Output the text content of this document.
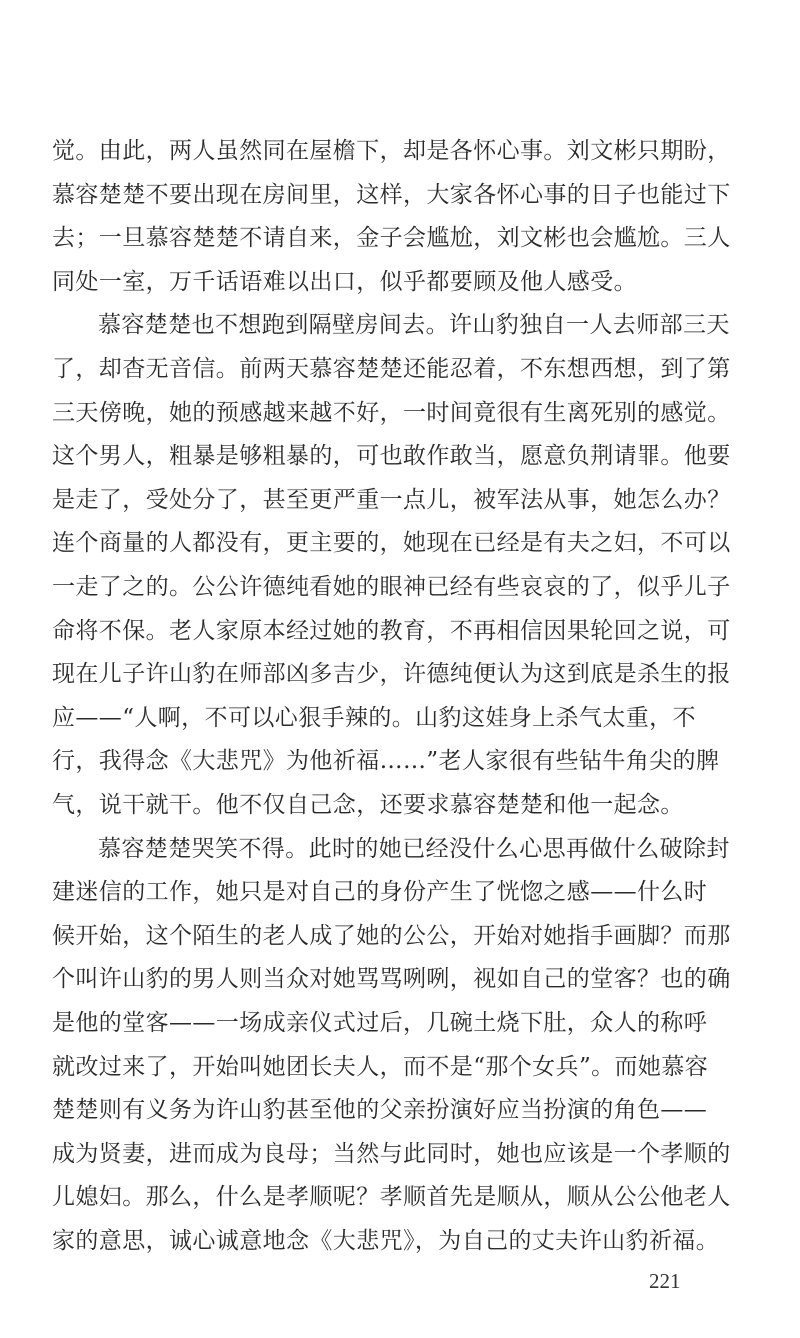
觉。由此，两人虽然同在屋檐下，却是各怀心事。刘文彬只期盼，
慕容楚楚不要出现在房间里，这样，大家各怀心事的日子也能过下
去；一旦慕容楚楚不请自来，金子会尴尬，刘文彬也会尴尬。三人
同处一室，万千话语难以出口，似乎都要顾及他人感受。
慕容楚楚也不想跑到隔壁房间去。许山豹独自一人去师部三天
了，却杳无音信。前两天慕容楚楚还能忍着，不东想西想，到了第
三天傍晚，她的预感越来越不好，一时间竟很有生离死别的感觉。
这个男人，粗暴是够粗暴的，可也敢作敢当，愿意负荆请罪。他要
是走了，受处分了，甚至更严重一点儿，被军法从事，她怎么办？
连个商量的人都没有，更主要的，她现在已经是有夫之妇，不可以
一走了之的。公公许德纯看她的眼神已经有些哀哀的了，似乎儿子
命将不保。老人家原本经过她的教育，不再相信因果轮回之说，可
现在儿子许山豹在师部凶多吉少，许德纯便认为这到底是杀生的报
应——“人啊，不可以心狠手辣的。山豹这娃身上杀气太重，不
行，我得念《大悲咒》为他祈福……”老人家很有些钻牛角尖的脾
气，说干就干。他不仅自己念，还要求慕容楚楚和他一起念。
慕容楚楚哭笑不得。此时的她已经没什么心思再做什么破除封
建迷信的工作，她只是对自己的身份产生了恍惚之感——什么时
候开始，这个陌生的老人成了她的公公，开始对她指手画脚？而那
个叫许山豹的男人则当众对她骂骂咧咧，视如自己的堂客？也的确
是他的堂客——一场成亲仪式过后，几碗土烧下肚，众人的称呼
就改过来了，开始叫她团长夫人，而不是“那个女兵”。而她慕容
楚楚则有义务为许山豹甚至他的父亲扮演好应当扮演的角色——
成为贤妻，进而成为良母；当然与此同时，她也应该是一个孝顺的
儿媳妇。那么，什么是孝顺呢？孝顺首先是顺从，顺从公公他老人
家的意思，诚心诚意地念《大悲咒》，为自己的丈夫许山豹祈福。
221
